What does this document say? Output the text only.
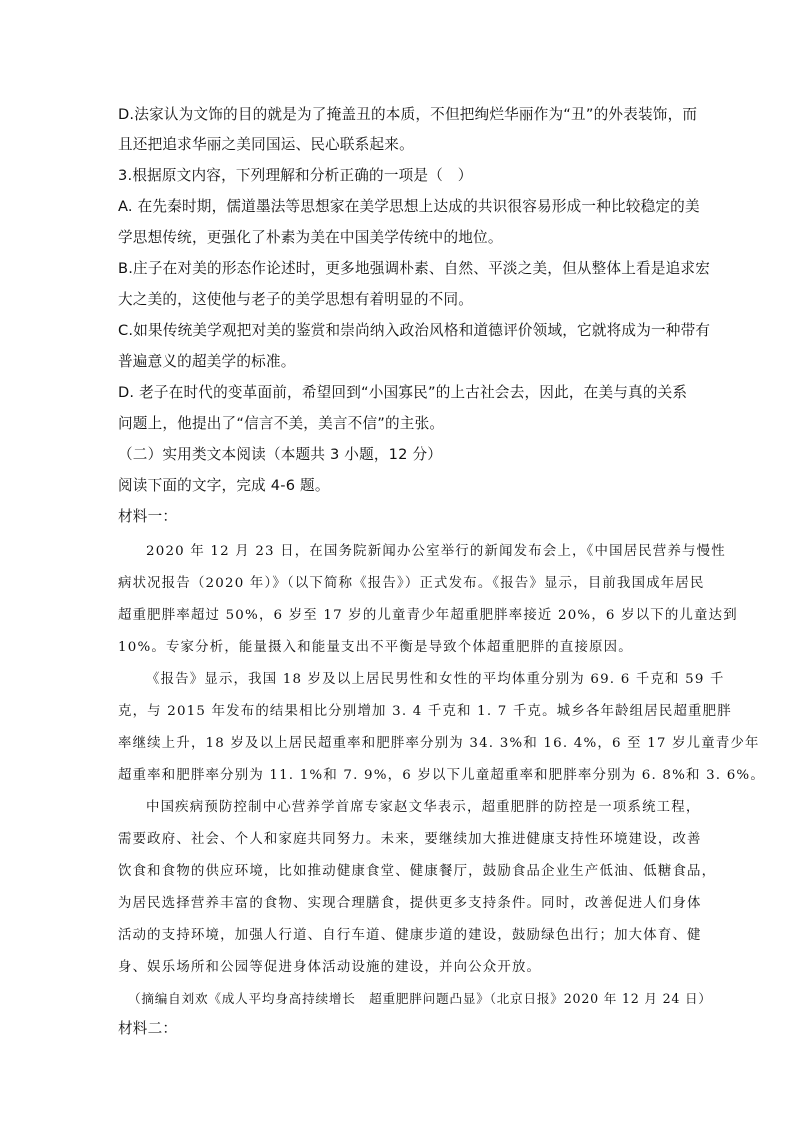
D.法家认为文饰的目的就是为了掩盖丑的本质，不但把绚烂华丽作为“丑”的外表装饰，而
且还把追求华丽之美同国运、民心联系起来。
3.根据原文内容，下列理解和分析正确的一项是（　）
A. 在先秦时期，儒道墨法等思想家在美学思想上达成的共识很容易形成一种比较稳定的美
学思想传统，更强化了朴素为美在中国美学传统中的地位。
B.庄子在对美的形态作论述时，更多地强调朴素、自然、平淡之美，但从整体上看是追求宏
大之美的，这使他与老子的美学思想有着明显的不同。
C.如果传统美学观把对美的鉴赏和崇尚纳入政治风格和道德评价领域，它就将成为一种带有
普遍意义的超美学的标准。
D. 老子在时代的变革面前，希望回到“小国寡民”的上古社会去，因此，在美与真的关系
问题上，他提出了“信言不美，美言不信”的主张。
（二）实用类文本阅读（本题共 3 小题，12 分）
阅读下面的文字，完成 4-6 题。
材料一：
2020 年 12 月 23 日，在国务院新闻办公室举行的新闻发布会上，《中国居民营养与慢性
病状况报告（2020 年）》（以下简称《报告》）正式发布。《报告》显示，目前我国成年居民
超重肥胖率超过 50%，6 岁至 17 岁的儿童青少年超重肥胖率接近 20%，6 岁以下的儿童达到
10%。专家分析，能量摄入和能量支出不平衡是导致个体超重肥胖的直接原因。
《报告》显示，我国 18 岁及以上居民男性和女性的平均体重分别为 69. 6 千克和 59 千
克，与 2015 年发布的结果相比分别增加 3. 4 千克和 1. 7 千克。城乡各年龄组居民超重肥胖
率继续上升，18 岁及以上居民超重率和肥胖率分别为 34. 3%和 16. 4%，6 至 17 岁儿童青少年
超重率和肥胖率分别为 11. 1%和 7. 9%，6 岁以下儿童超重率和肥胖率分别为 6. 8%和 3. 6%。
中国疾病预防控制中心营养学首席专家赵文华表示，超重肥胖的防控是一项系统工程，
需要政府、社会、个人和家庭共同努力。未来，要继续加大推进健康支持性环境建设，改善
饮食和食物的供应环境，比如推动健康食堂、健康餐厅，鼓励食品企业生产低油、低糖食品，
为居民选择营养丰富的食物、实现合理膳食，提供更多支持条件。同时，改善促进人们身体
活动的支持环境，加强人行道、自行车道、健康步道的建设，鼓励绿色出行；加大体育、健
身、娱乐场所和公园等促进身体活动设施的建设，并向公众开放。
（摘编自刘欢《成人平均身高持续增长　超重肥胖问题凸显》（北京日报》2020 年 12 月 24 日）
材料二：
